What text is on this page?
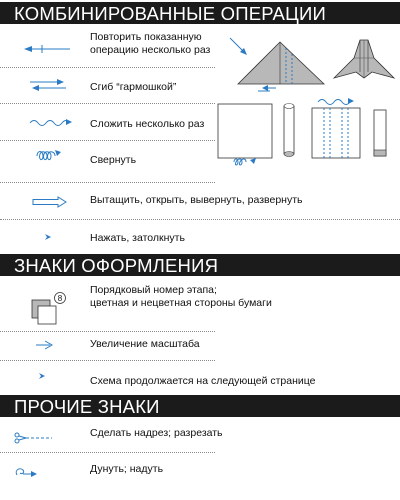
КОМБИНИРОВАННЫЕ ОПЕРАЦИИ
Повторить показанную
операцию несколько раз
Сгиб “гармошкой”
Сложить несколько раз
Свернуть
Вытащить, открыть, вывернуть, развернуть
Нажать, затолкнуть
ЗНАКИ ОФОРМЛЕНИЯ
8
Порядковый номер этапа;
цветная и нецветная стороны бумаги
Увеличение масштаба
Схема продолжается на следующей странице
ПРОЧИЕ ЗНАКИ
Сделать надрез; разрезать
Дунуть; надуть
